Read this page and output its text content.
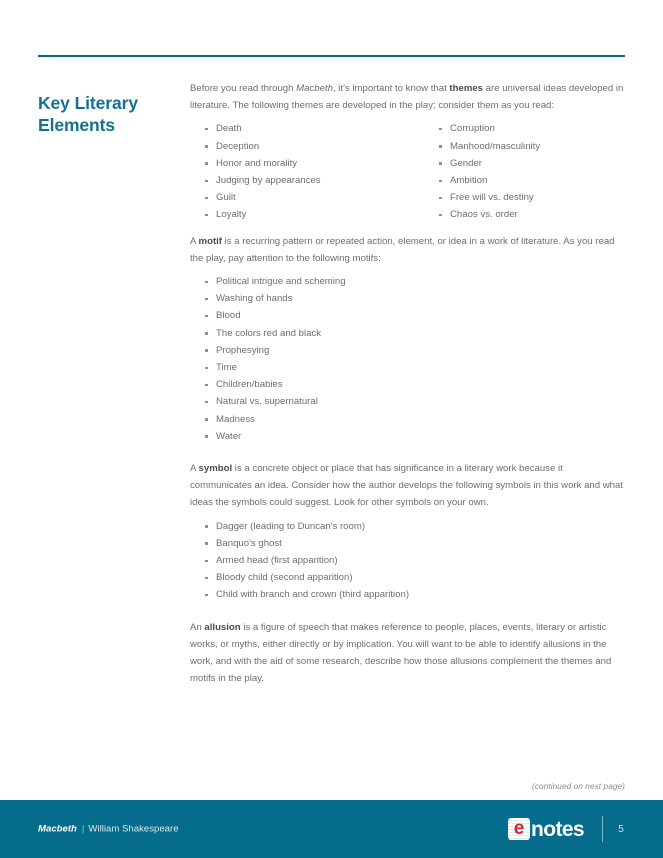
Key Literary Elements

Before you read through Macbeth, it's important to know that themes are universal ideas developed in literature. The following themes are developed in the play; consider them as you read:

Death
Deception
Honor and morality
Judging by appearances
Guilt
Loyalty
Corruption
Manhood/masculinity
Gender
Ambition
Free will vs. destiny
Chaos vs. order

A motif is a recurring pattern or repeated action, element, or idea in a work of literature. As you read the play, pay attention to the following motifs:

Political intrigue and scheming
Washing of hands
Blood
The colors red and black
Prophesying
Time
Children/babies
Natural vs. supernatural
Madness
Water

A symbol is a concrete object or place that has significance in a literary work because it communicates an idea. Consider how the author develops the following symbols in this work and what ideas the symbols could suggest. Look for other symbols on your own.

Dagger (leading to Duncan's room)
Banquo's ghost
Armed head (first apparition)
Bloody child (second apparition)
Child with branch and crown (third apparition)

An allusion is a figure of speech that makes reference to people, places, events, literary or artistic works, or myths, either directly or by implication. You will want to be able to identify allusions in the work, and with the aid of some research, describe how those allusions complement the themes and motifs in the play.

(continued on next page)
Macbeth | William Shakespeare	e notes	5
